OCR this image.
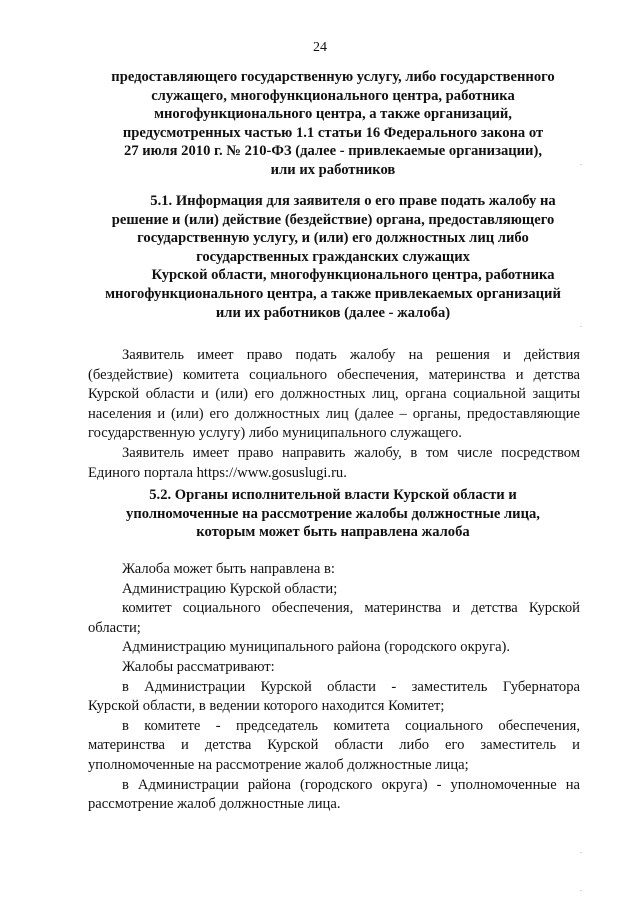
24
предоставляющего государственную услугу, либо государственного
служащего, многофункционального центра, работника
многофункционального центра, а также организаций,
предусмотренных частью 1.1 статьи 16 Федерального закона от
27 июля 2010 г. № 210-ФЗ (далее - привлекаемые организации),
или их работников
5.1. Информация для заявителя о его праве подать жалобу на
решение и (или) действие (бездействие) органа, предоставляющего
государственную услугу, и (или) его должностных лиц либо
государственных гражданских служащих
Курской области, многофункционального центра, работника
многофункционального центра, а также привлекаемых организаций
или их работников (далее - жалоба)
Заявитель имеет право подать жалобу на решения и действия
(бездействие) комитета социального обеспечения, материнства и детства
Курской области и (или) его должностных лиц, органа социальной защиты
населения и (или) его должностных лиц (далее – органы, предоставляющие
государственную услугу) либо муниципального служащего.
Заявитель имеет право направить жалобу, в том числе посредством
Единого портала https://www.gosuslugi.ru.
5.2. Органы исполнительной власти Курской области и
уполномоченные на рассмотрение жалобы должностные лица,
которым может быть направлена жалоба
Жалоба может быть направлена в:
Администрацию Курской области;
комитет социального обеспечения, материнства и детства Курской
области;
Администрацию муниципального района (городского округа).
Жалобы рассматривают:
в Администрации Курской области - заместитель Губернатора
Курской области, в ведении которого находится Комитет;
в комитете - председатель комитета социального обеспечения,
материнства и детства Курской области либо его заместитель и
уполномоченные на рассмотрение жалоб должностные лица;
в Администрации района (городского округа) - уполномоченные на
рассмотрение жалоб должностные лица.
.
.
.
.
